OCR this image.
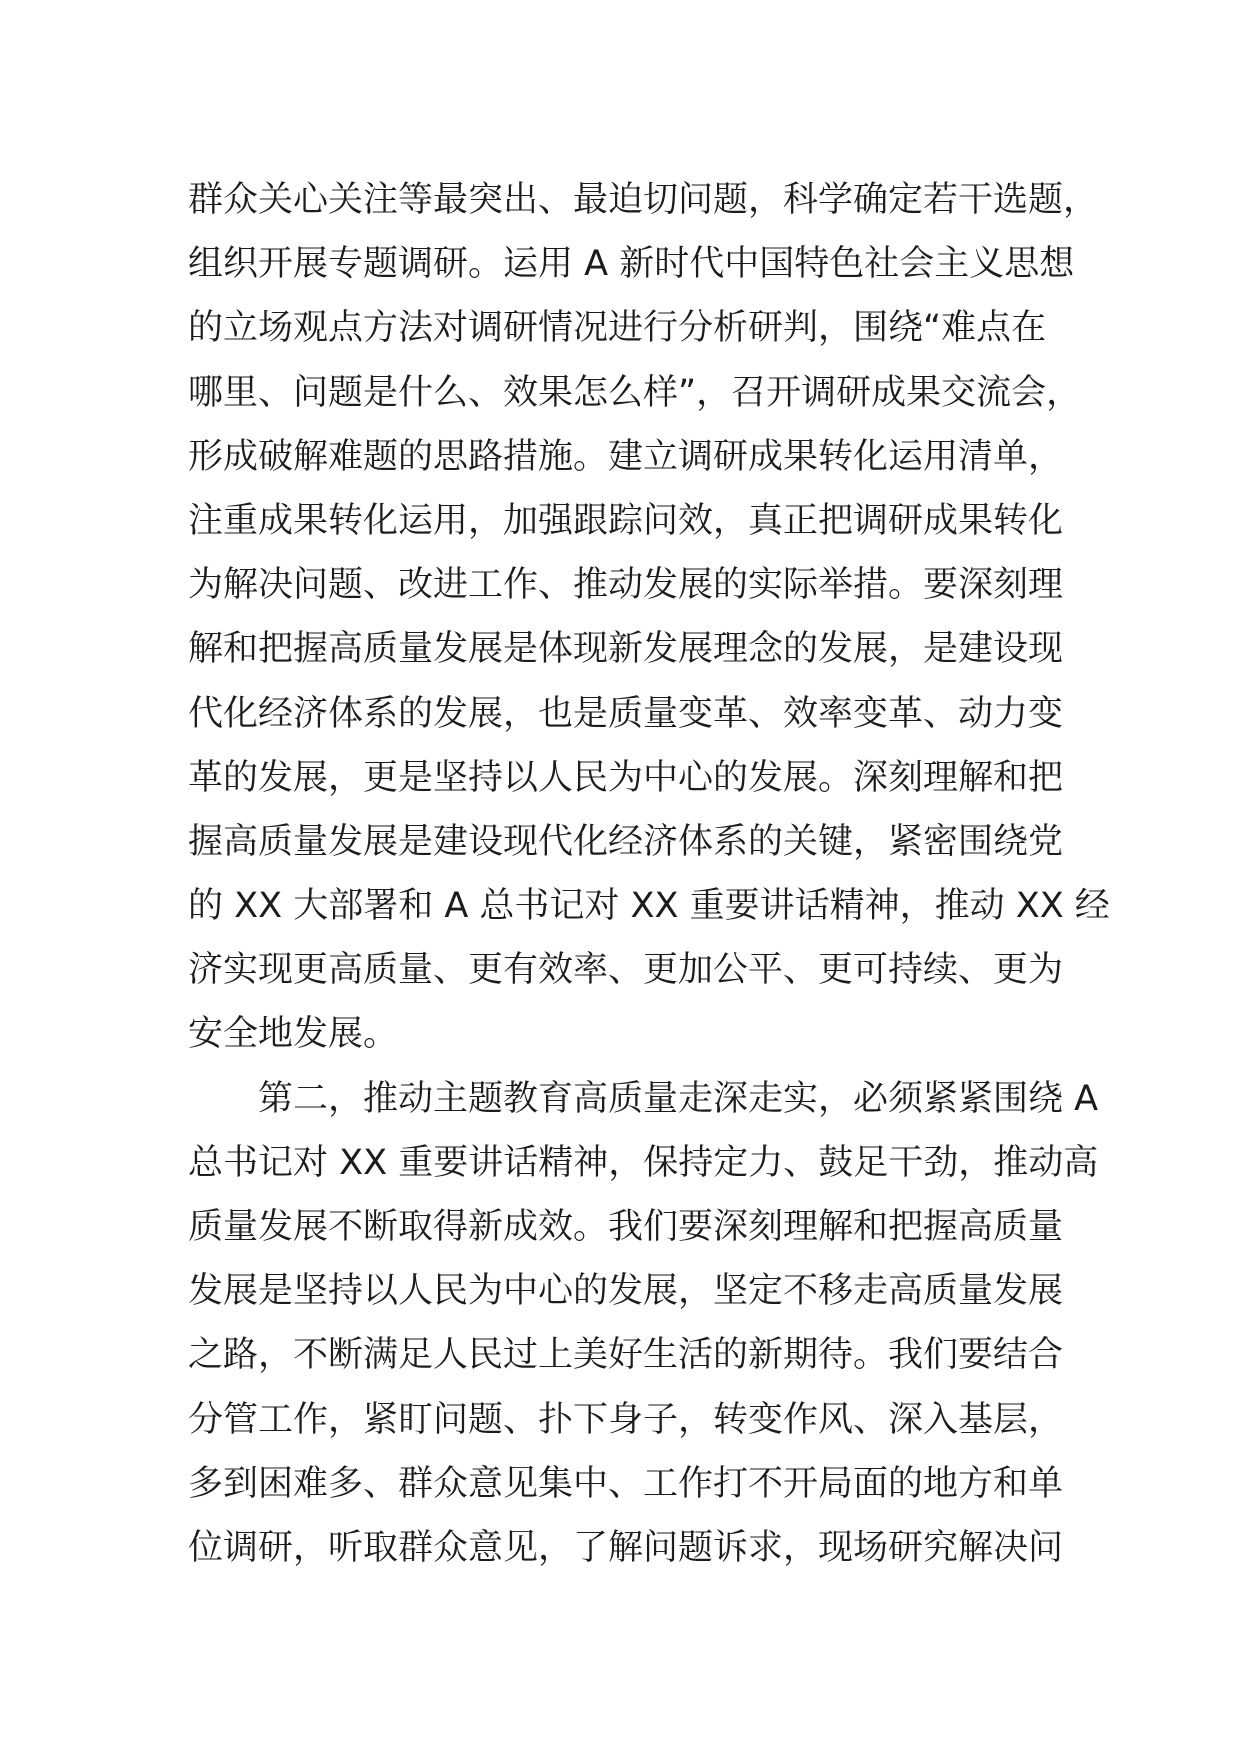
群众关心关注等最突出、最迫切问题，科学确定若干选题，
组织开展专题调研。运用 A 新时代中国特色社会主义思想
的立场观点方法对调研情况进行分析研判，围绕“难点在
哪里、问题是什么、效果怎么样”，召开调研成果交流会，
形成破解难题的思路措施。建立调研成果转化运用清单，
注重成果转化运用，加强跟踪问效，真正把调研成果转化
为解决问题、改进工作、推动发展的实际举措。要深刻理
解和把握高质量发展是体现新发展理念的发展，是建设现
代化经济体系的发展，也是质量变革、效率变革、动力变
革的发展，更是坚持以人民为中心的发展。深刻理解和把
握高质量发展是建设现代化经济体系的关键，紧密围绕党
的 XX 大部署和 A 总书记对 XX 重要讲话精神，推动 XX 经
济实现更高质量、更有效率、更加公平、更可持续、更为
安全地发展。
第二，推动主题教育高质量走深走实，必须紧紧围绕 A
总书记对 XX 重要讲话精神，保持定力、鼓足干劲，推动高
质量发展不断取得新成效。我们要深刻理解和把握高质量
发展是坚持以人民为中心的发展，坚定不移走高质量发展
之路，不断满足人民过上美好生活的新期待。我们要结合
分管工作，紧盯问题、扑下身子，转变作风、深入基层，
多到困难多、群众意见集中、工作打不开局面的地方和单
位调研，听取群众意见，了解问题诉求，现场研究解决问
